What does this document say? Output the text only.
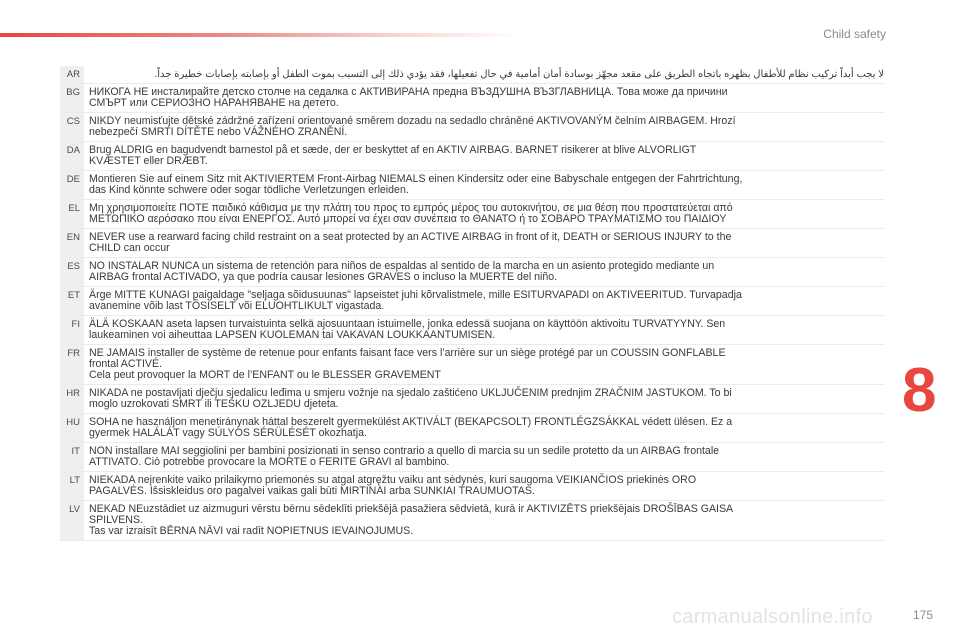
Child safety
AR	لا يجب أبداً تركيب نظام للأطفال بظهره باتجاه الطريق على مقعد مجهّز بوسادة أمان أمامية في حال تفعيلها، فقد يؤدي ذلك إلى التسبب بموت الطفل أو بإصابته بإصابات خطيرة جداً.
BG НИКОГА НЕ инсталирайте детско столче на седалка с АКТИВИРАНА предна ВЪЗДУШНА ВЪЗГЛАВНИЦА. Това може да причини
СМЪРТ или СЕРИОЗНО НАРАНЯВАНЕ на детето.
CS NIKDY neumisťujte dětské zádržné zařízení orientované směrem dozadu na sedadlo chráněné AKTIVOVANÝM čelním AIRBAGEM. Hrozí
nebezpečí SMRTI DÍTĚTE nebo VÁŽNÉHO ZRANĚNÍ.
DA Brug ALDRIG en bagudvendt barnestol på et sæde, der er beskyttet af en AKTIV AIRBAG. BARNET risikerer at blive ALVORLIGT
KVÆSTET eller DRÆBT.
DE Montieren Sie auf einem Sitz mit AKTIVIERTEM Front-Airbag NIEMALS einen Kindersitz oder eine Babyschale entgegen der Fahrtrichtung,
das Kind könnte schwere oder sogar tödliche Verletzungen erleiden.
EL Μη χρησιμοποιείτε ΠΟΤΕ παιδικό κάθισμα με την πλάτη του προς το εμπρός μέρος του αυτοκινήτου, σε μια θέση που προστατεύεται από
ΜΕΤΩΠΙΚΟ αερόσακο που είναι ΕΝΕΡΓΟΣ. Αυτό μπορεί να έχει σαν συνέπεια το ΘΑΝΑΤΟ ή το ΣΟΒΑΡΟ ΤΡΑΥΜΑΤΙΣΜΟ του ΠΑΙΔΙΟΥ
EN NEVER use a rearward facing child restraint on a seat protected by an ACTIVE AIRBAG in front of it, DEATH or SERIOUS INJURY to the
CHILD can occur
ES NO INSTALAR NUNCA un sistema de retención para niños de espaldas al sentido de la marcha en un asiento protegido mediante un
AIRBAG frontal ACTIVADO, ya que podría causar lesiones GRAVES o incluso la MUERTE del niño.
ET Ärge MITTE KUNAGI paigaldage "seljaga sõidusuunas" lapseistet juhi kõrvalistmele, mille ESITURVAPADI on AKTIVEERITUD. Turvapadja
avanemine võib last TÕSISELT või ELUOHTLIKULT vigastada.
FI ÄLÄ KOSKAAN aseta lapsen turvaistuinta selkä ajosuuntaan istuimelle, jonka edessä suojana on käyttöön aktivoitu TURVATYYNY. Sen
laukeaminen voi aiheuttaa LAPSEN KUOLEMAN tai VAKAVAN LOUKKAANTUMISEN.
FR NE JAMAIS installer de système de retenue pour enfants faisant face vers l’arrière sur un siège protégé par un COUSSIN GONFLABLE
frontal ACTIVÉ.
Cela peut provoquer la MORT de l’ENFANT ou le BLESSER GRAVEMENT
HR NIKADA ne postavljati dječju sjedalicu leđima u smjeru vožnje na sjedalo zaštićeno UKLJUČENIM prednjim ZRAČNIM JASTUKOM. To bi
moglo uzrokovati SMRT ili TEŠKU OZLJEDU djeteta.
HU SOHA ne használjon menetiránynak háttal beszerelt gyermekülést AKTIVÁLT (BEKAPCSOLT) FRONTLÉGZSÁKKAL védett ülésen. Ez a
gyermek HALÁLÁT vagy SÚLYOS SÉRÜLÉSÉT okozhatja.
IT NON installare MAI seggiolini per bambini posizionati in senso contrario a quello di marcia su un sedile protetto da un AIRBAG frontale
ATTIVATO. Ciò potrebbe provocare la MORTE o FERITE GRAVI al bambino.
LT NIEKADA neįrenkite vaiko prilaikymo priemonės su atgal atgręžtu vaiku ant sėdynės, kuri saugoma VEIKIANČIOS priekinės ORO
PAGALVĖS. Išsiskleidus oro pagalvei vaikas gali būti MIRTINAI arba SUNKIAI TRAUMUOTAS.
LV NEKAD NEuzstādiet uz aizmuguri vērstu bērnu sēdeklīti priekšējā pasažiera sēdvietā, kurā ir AKTIVIZĒTS priekšējais DROŠĪBAS GAISA
SPILVENS.
Tas var izraisīt BĒRNA NĀVI vai radīt NOPIETNUS IEVAINOJUMUS.
8
carmanualsonline.info	175
